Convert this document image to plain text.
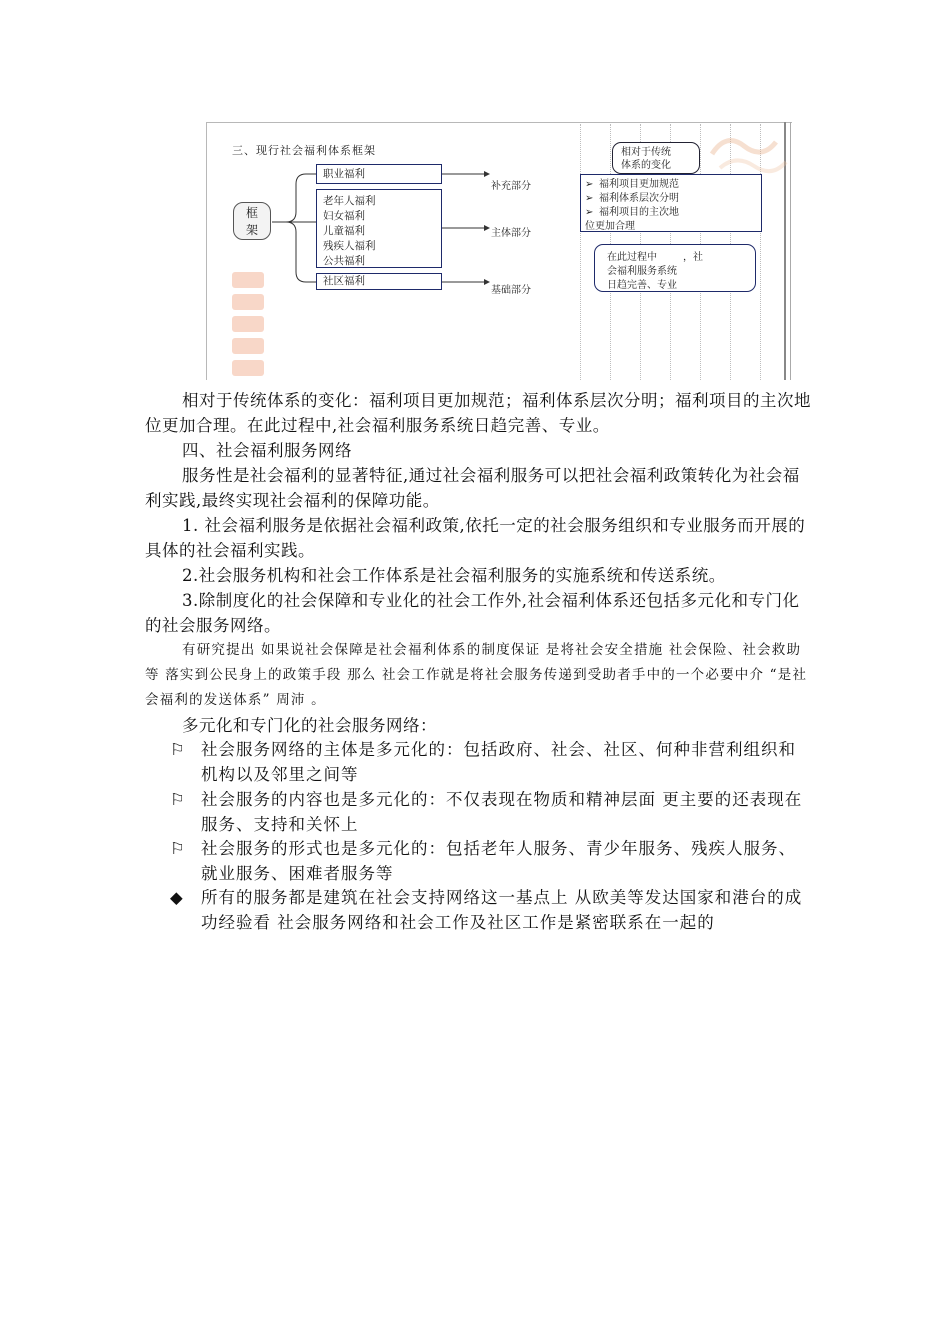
三、现行社会福利体系框架
框
架
职业福利
老年人福利
妇女福利
儿童福利
残疾人福利
公共福利
社区福利
补充部分
主体部分
基础部分
➢ 福利项目更加规范
➢ 福利体系层次分明
➢ 福利项目的主次地
位更加合理
相对于传统
体系的变化
在此过程中	，社
会福利服务系统
日趋完善、专业
相对于传统体系的变化：福利项目更加规范；福利体系层次分明；福利项目的主次地位更加合理。在此过程中,社会福利服务系统日趋完善、专业。
四、社会福利服务网络
服务性是社会福利的显著特征,通过社会福利服务可以把社会福利政策转化为社会福利实践,最终实现社会福利的保障功能。
1. 社会福利服务是依据社会福利政策,依托一定的社会服务组织和专业服务而开展的具体的社会福利实践。
2.社会服务机构和社会工作体系是社会福利服务的实施系统和传送系统。
3.除制度化的社会保障和专业化的社会工作外,社会福利体系还包括多元化和专门化的社会服务网络。
有研究提出 如果说社会保障是社会福利体系的制度保证 是将社会安全措施 社会保险、社会救助等 落实到公民身上的政策手段 那么 社会工作就是将社会服务传递到受助者手中的一个必要中介 “是社会福利的发送体系” 周沛 。
多元化和专门化的社会服务网络：
⚐ 社会服务网络的主体是多元化的：包括政府、社会、社区、何种非营利组织和机构以及邻里之间等
⚐ 社会服务的内容也是多元化的：不仅表现在物质和精神层面 更主要的还表现在服务、支持和关怀上
⚐ 社会服务的形式也是多元化的：包括老年人服务、青少年服务、残疾人服务、就业服务、困难者服务等
◆	所有的服务都是建筑在社会支持网络这一基点上 从欧美等发达国家和港台的成功经验看 社会服务网络和社会工作及社区工作是紧密联系在一起的
